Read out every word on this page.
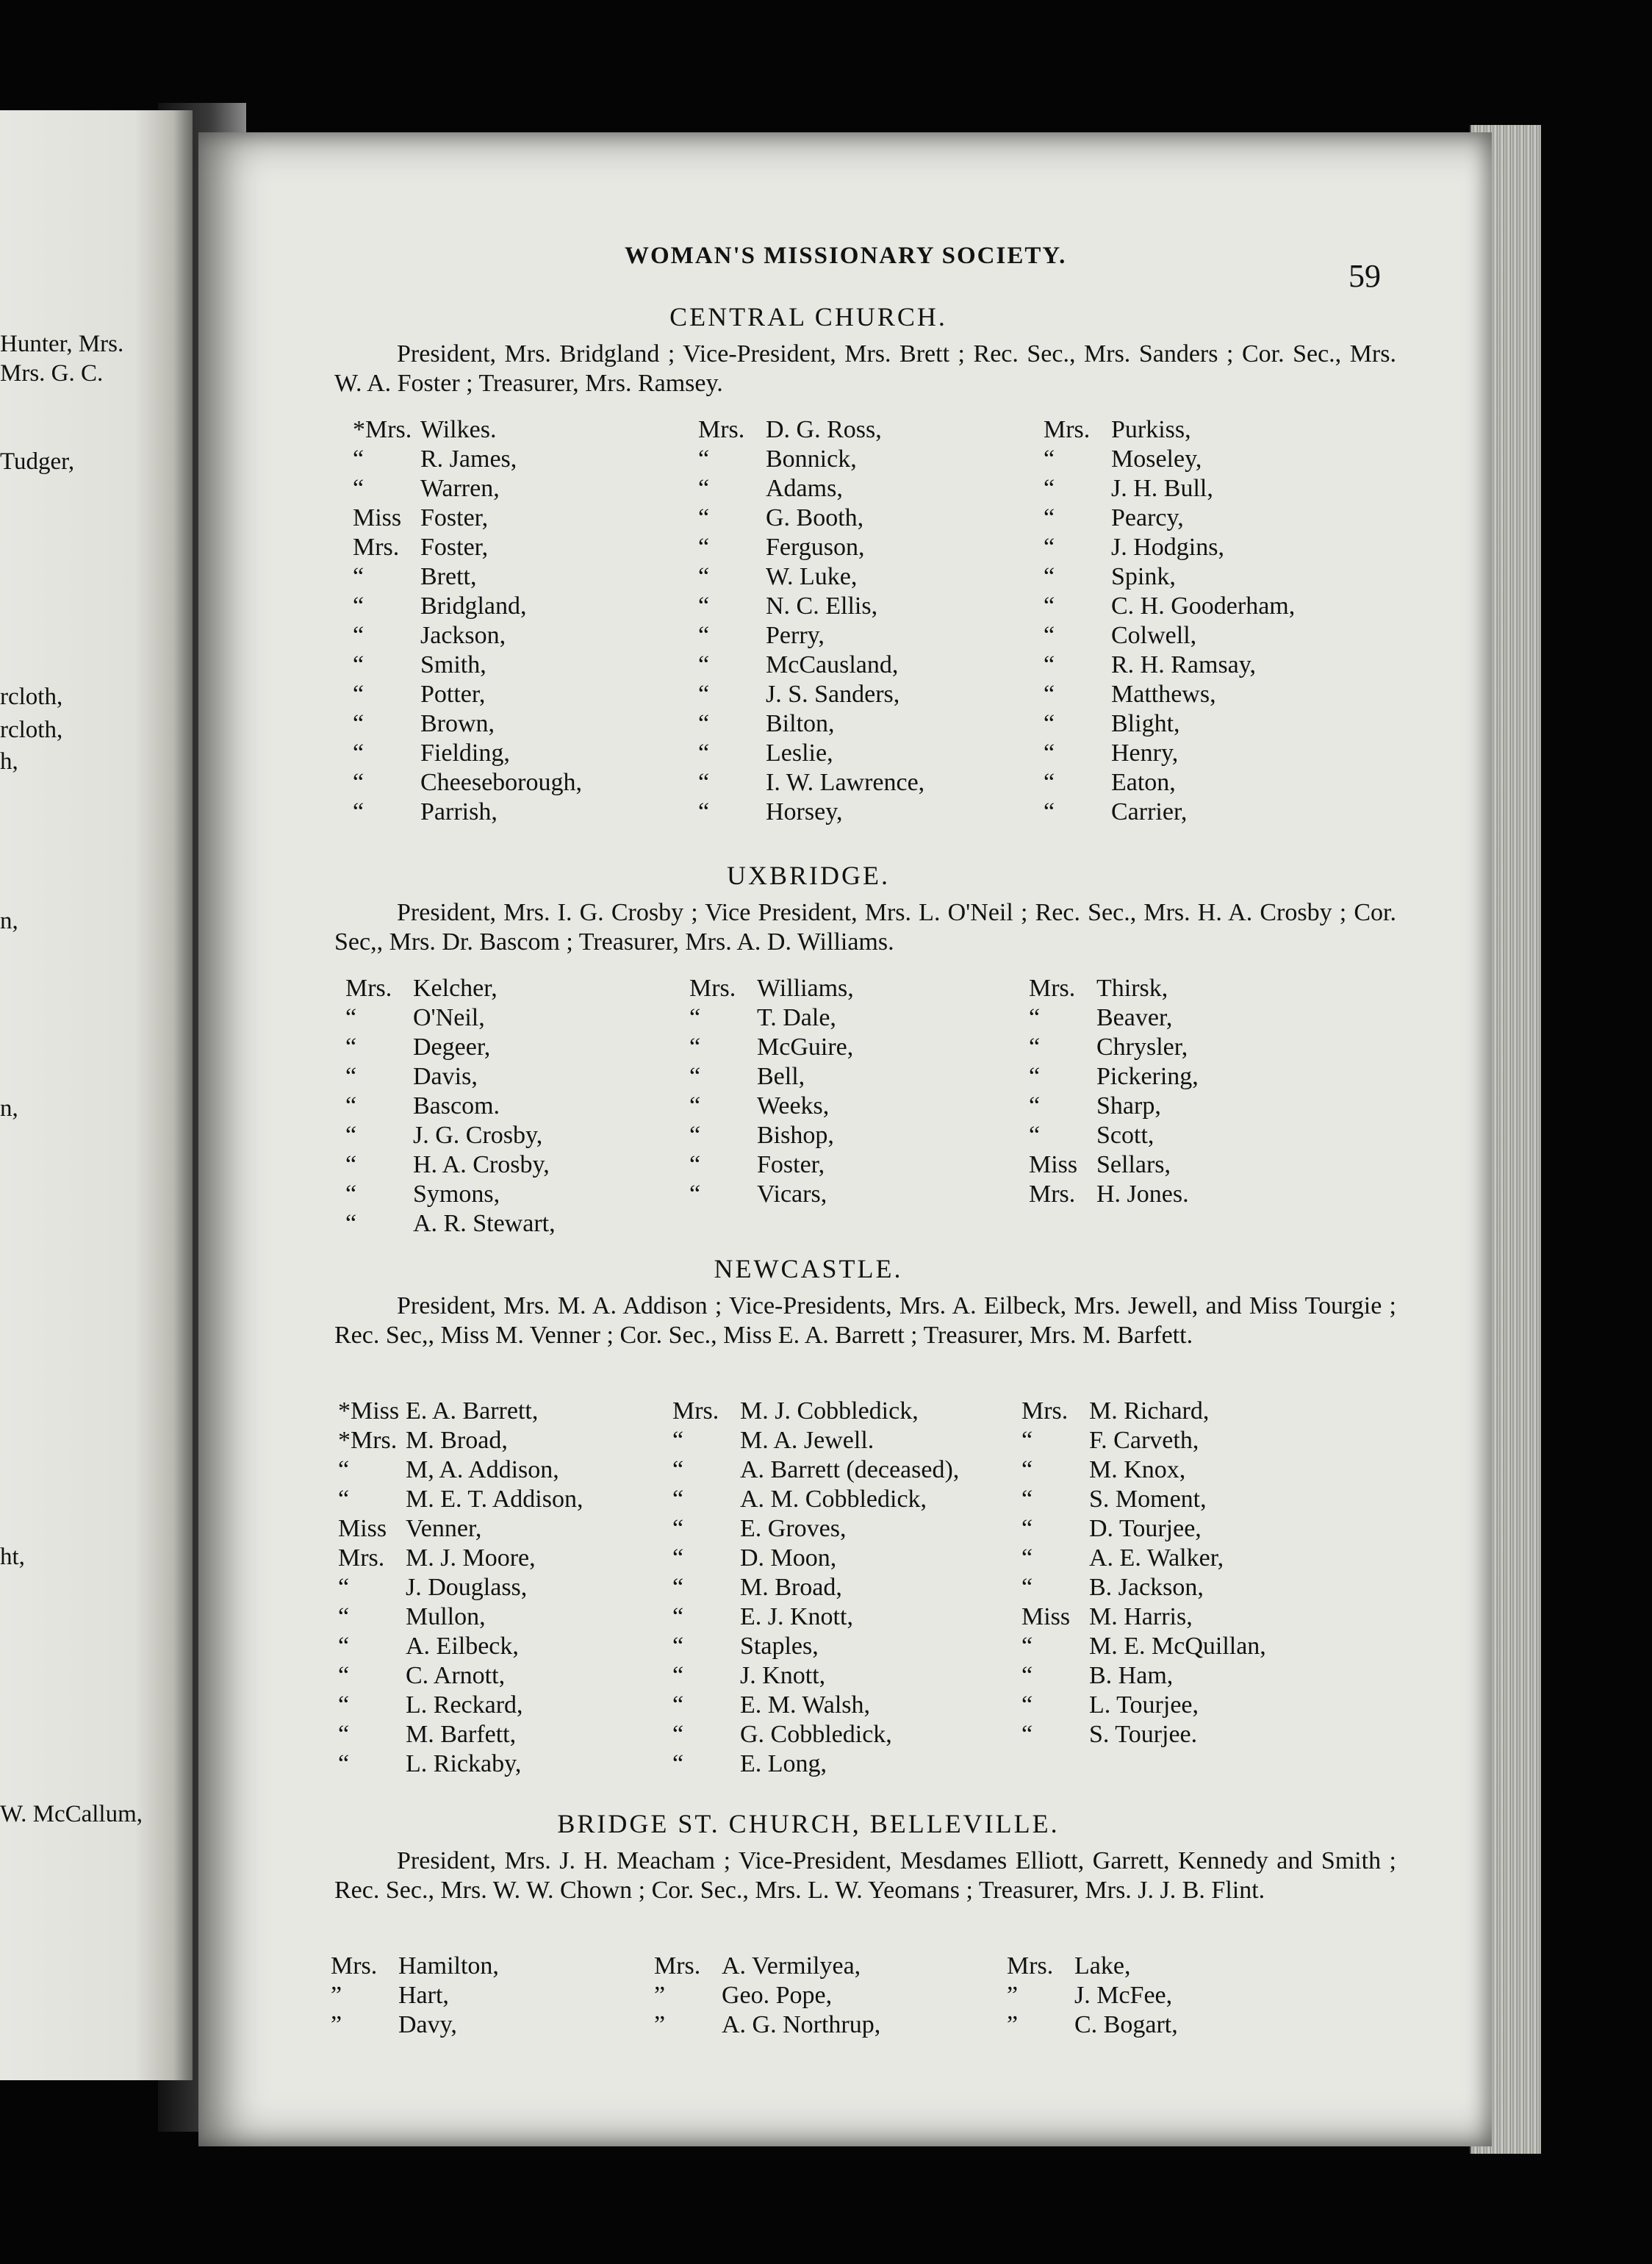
Hunter, Mrs.
Mrs. G. C.
Tudger,
rcloth,
rcloth,
h,
n,
n,
ht,
W. McCallum,
WOMAN'S MISSIONARY SOCIETY.
59
CENTRAL CHURCH.
President, Mrs. Bridgland ; Vice-President, Mrs. Brett ; Rec. Sec., Mrs. Sanders ; Cor. Sec., Mrs. W. A. Foster ; Treasurer, Mrs. Ramsey.
*Mrs. Wilkes.
“ R. James,
“ Warren,
Miss Foster,
Mrs. Foster,
“ Brett,
“ Bridgland,
“ Jackson,
“ Smith,
“ Potter,
“ Brown,
“ Fielding,
“ Cheeseborough,
“ Parrish,
Mrs. D. G. Ross,
“ Bonnick,
“ Adams,
“ G. Booth,
“ Ferguson,
“ W. Luke,
“ N. C. Ellis,
“ Perry,
“ McCausland,
“ J. S. Sanders,
“ Bilton,
“ Leslie,
“ I. W. Lawrence,
“ Horsey,
Mrs. Purkiss,
“ Moseley,
“ J. H. Bull,
“ Pearcy,
“ J. Hodgins,
“ Spink,
“ C. H. Gooderham,
“ Colwell,
“ R. H. Ramsay,
“ Matthews,
“ Blight,
“ Henry,
“ Eaton,
“ Carrier,
UXBRIDGE.
President, Mrs. I. G. Crosby ; Vice President, Mrs. L. O'Neil ; Rec. Sec., Mrs. H. A. Crosby ; Cor. Sec,, Mrs. Dr. Bascom ; Treasurer, Mrs. A. D. Williams.
Mrs. Kelcher,
“ O'Neil,
“ Degeer,
“ Davis,
“ Bascom.
“ J. G. Crosby,
“ H. A. Crosby,
“ Symons,
“ A. R. Stewart,
Mrs. Williams,
“ T. Dale,
“ McGuire,
“ Bell,
“ Weeks,
“ Bishop,
“ Foster,
“ Vicars,
Mrs. Thirsk,
“ Beaver,
“ Chrysler,
“ Pickering,
“ Sharp,
“ Scott,
Miss Sellars,
Mrs. H. Jones.
NEWCASTLE.
President, Mrs. M. A. Addison ; Vice-Presidents, Mrs. A. Eilbeck, Mrs. Jewell, and Miss Tourgie ; Rec. Sec,, Miss M. Venner ; Cor. Sec., Miss E. A. Barrett ; Treasurer, Mrs. M. Barfett.
*Miss E. A. Barrett,
*Mrs. M. Broad,
“ M, A. Addison,
“ M. E. T. Addison,
Miss Venner,
Mrs. M. J. Moore,
“ J. Douglass,
“ Mullon,
“ A. Eilbeck,
“ C. Arnott,
“ L. Reckard,
“ M. Barfett,
“ L. Rickaby,
Mrs. M. J. Cobbledick,
“ M. A. Jewell.
“ A. Barrett (deceased),
“ A. M. Cobbledick,
“ E. Groves,
“ D. Moon,
“ M. Broad,
“ E. J. Knott,
“ Staples,
“ J. Knott,
“ E. M. Walsh,
“ G. Cobbledick,
“ E. Long,
Mrs. M. Richard,
“ F. Carveth,
“ M. Knox,
“ S. Moment,
“ D. Tourjee,
“ A. E. Walker,
“ B. Jackson,
Miss M. Harris,
“ M. E. McQuillan,
“ B. Ham,
“ L. Tourjee,
“ S. Tourjee.
BRIDGE ST. CHURCH, BELLEVILLE.
President, Mrs. J. H. Meacham ; Vice-President, Mesdames Elliott, Garrett, Kennedy and Smith ; Rec. Sec., Mrs. W. W. Chown ; Cor. Sec., Mrs. L. W. Yeomans ; Treasurer, Mrs. J. J. B. Flint.
Mrs. Hamilton,
” Hart,
” Davy,
Mrs. A. Vermilyea,
” Geo. Pope,
” A. G. Northrup,
Mrs. Lake,
” J. McFee,
” C. Bogart,
